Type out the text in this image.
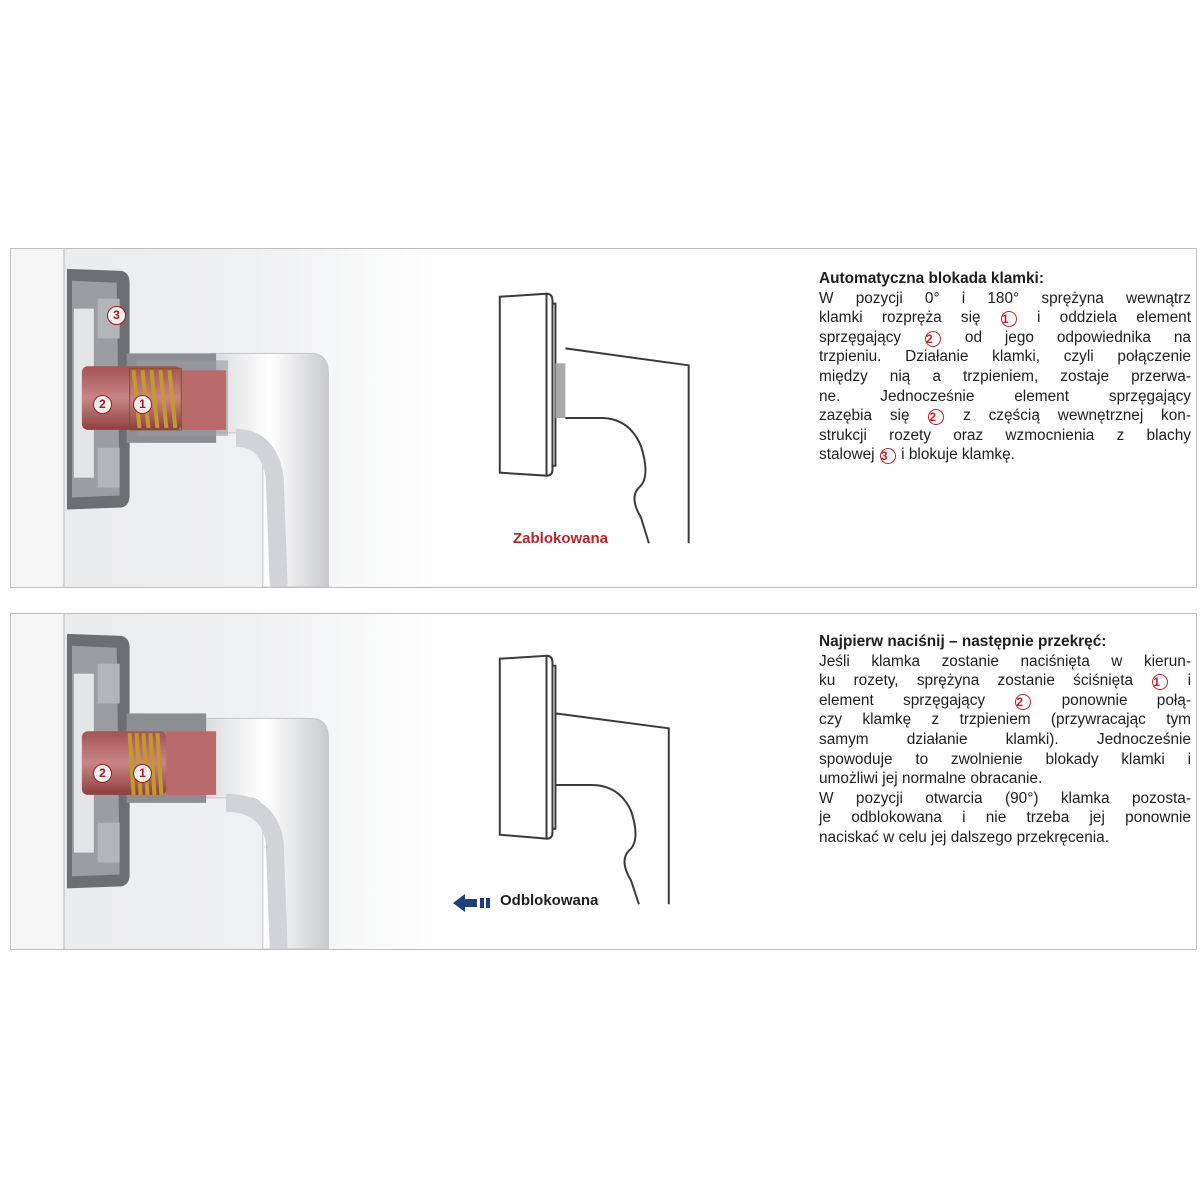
3
2	1
Zablokowana
Automatyczna blokada klamki:
W pozycji 0° i 180° sprężyna wewnątrz
klamki rozpręża się 1 i oddziela element
sprzęgający 2 od jego odpowiednika na
trzpieniu. Działanie klamki, czyli połączenie
między nią a trzpieniem, zostaje przerwa-
ne. Jednocześnie element sprzęgający
zazębia się 2 z częścią wewnętrznej kon-
strukcji rozety oraz wzmocnienia z blachy
stalowej 3 i blokuje klamkę.
2	1
Odblokowana
Najpierw naciśnij – następnie przekręć:
Jeśli klamka zostanie naciśnięta w kierun-
ku rozety, sprężyna zostanie ściśnięta 1 i
element sprzęgający 2 ponownie połą-
czy klamkę z trzpieniem (przywracając tym
samym działanie klamki). Jednocześnie
spowoduje to zwolnienie blokady klamki i
umożliwi jej normalne obracanie.
W pozycji otwarcia (90°) klamka pozosta-
je odblokowana i nie trzeba jej ponownie
naciskać w celu jej dalszego przekręcenia.
